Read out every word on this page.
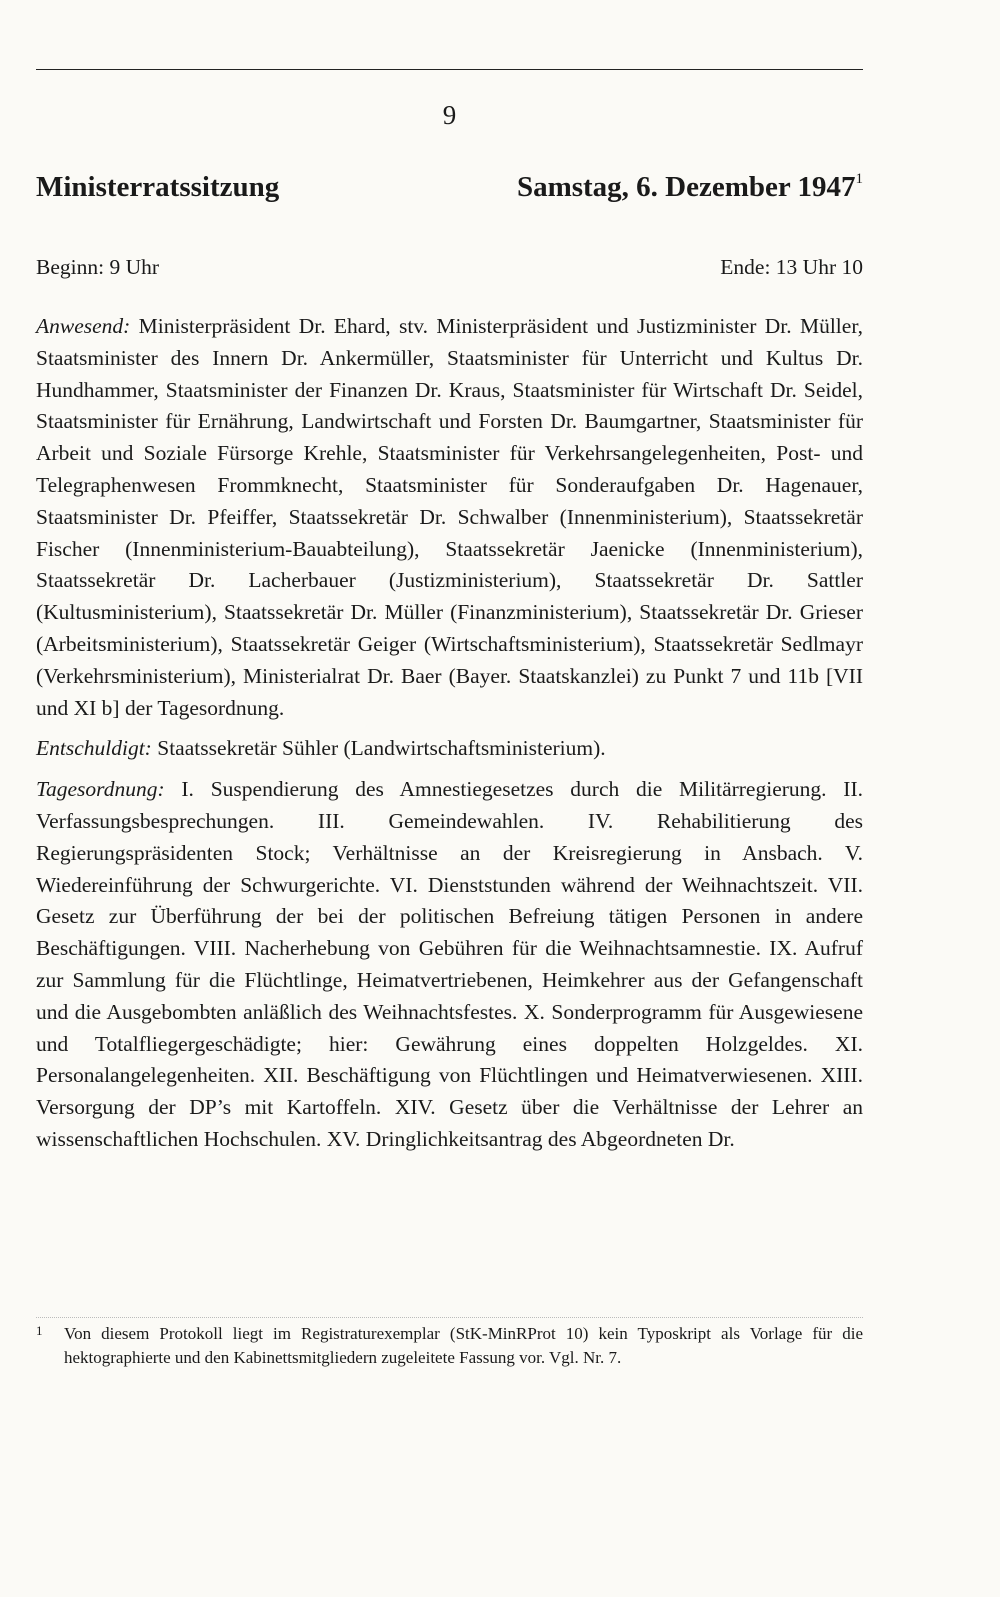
9
Ministerratssitzung	Samstag, 6. Dezember 1947$^1$
Beginn: 9 Uhr	Ende: 13 Uhr 10

Anwesend: Ministerpräsident Dr. Ehard, stv. Ministerpräsident und Justizminister Dr. Müller, Staatsminister des Innern Dr. Ankermüller, Staatsminister für Unterricht und Kultus Dr. Hundhammer, Staatsminister der Finanzen Dr. Kraus, Staatsminister für Wirtschaft Dr. Seidel, Staatsminister für Ernährung, Landwirtschaft und Forsten Dr. Baumgartner, Staatsminister für Arbeit und Soziale Fürsorge Krehle, Staatsminister für Verkehrsangelegenheiten, Post- und Telegraphenwesen Frommknecht, Staatsminister für Sonderaufgaben Dr. Hagenauer, Staatsminister Dr. Pfeiffer, Staatssekretär Dr. Schwalber (Innenministerium), Staatssekretär Fischer (Innenministerium-Bauabteilung), Staatssekretär Jaenicke (Innenministerium), Staatssekretär Dr. Lacherbauer (Justizministerium), Staatssekretär Dr. Sattler (Kultusministerium), Staatssekretär Dr. Müller (Finanzministerium), Staatssekretär Dr. Grieser (Arbeitsministerium), Staatssekretär Geiger (Wirtschaftsministerium), Staatssekretär Sedlmayr (Verkehrsministerium), Ministerialrat Dr. Baer (Bayer. Staatskanzlei) zu Punkt 7 und 11b [VII und XI b] der Tagesordnung.

Entschuldigt: Staatssekretär Sühler (Landwirtschaftsministerium).

Tagesordnung: I. Suspendierung des Amnestiegesetzes durch die Militärregierung. II. Verfassungsbesprechungen. III. Gemeindewahlen. IV. Rehabilitierung des Regierungspräsidenten Stock; Verhältnisse an der Kreisregierung in Ansbach. V. Wiedereinführung der Schwurgerichte. VI. Dienststunden während der Weihnachtszeit. VII. Gesetz zur Überführung der bei der politischen Befreiung tätigen Personen in andere Beschäftigungen. VIII. Nacherhebung von Gebühren für die Weihnachtsamnestie. IX. Aufruf zur Sammlung für die Flüchtlinge, Heimatvertriebenen, Heimkehrer aus der Gefangenschaft und die Ausgebombten anläßlich des Weihnachtsfestes. X. Sonderprogramm für Ausgewiesene und Totalfliegergeschädigte; hier: Gewährung eines doppelten Holzgeldes. XI. Personalangelegenheiten. XII. Beschäftigung von Flüchtlingen und Heimatverwiesenen. XIII. Versorgung der DP’s mit Kartoffeln. XIV. Gesetz über die Verhältnisse der Lehrer an wissenschaftlichen Hochschulen. XV. Dringlichkeitsantrag des Abgeordneten Dr.

1	Von diesem Protokoll liegt im Registraturexemplar (StK-MinRProt 10) kein Typoskript als Vorlage für die hektographierte und den Kabinettsmitgliedern zugeleitete Fassung vor. Vgl. Nr. 7.
